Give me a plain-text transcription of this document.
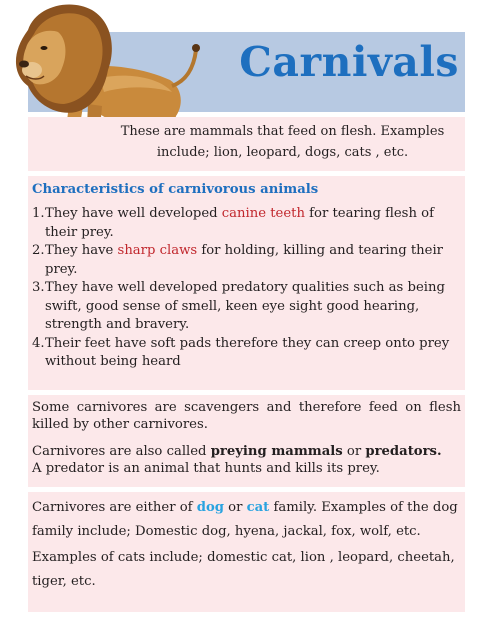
Carnivals

These are mammals that feed on flesh. Examples include; lion, leopard, dogs, cats , etc.

Characteristics of carnivorous animals
1. They have well developed canine teeth for tearing flesh of their prey.
2. They have sharp claws for holding, killing and tearing their prey.
3. They have well developed predatory qualities such as being swift, good sense of smell, keen eye sight good hearing, strength and bravery.
4. Their feet have soft pads therefore they can creep onto prey without being heard

Some carnivores are scavengers and therefore feed on flesh killed by other carnivores.

Carnivores are also called preying mammals or predators.
A predator is an animal that hunts and kills its prey.

Carnivores are either of dog or cat family. Examples of the dog family include; Domestic dog, hyena, jackal, fox, wolf, etc.

Examples of cats include; domestic cat, lion , leopard, cheetah, tiger, etc.
